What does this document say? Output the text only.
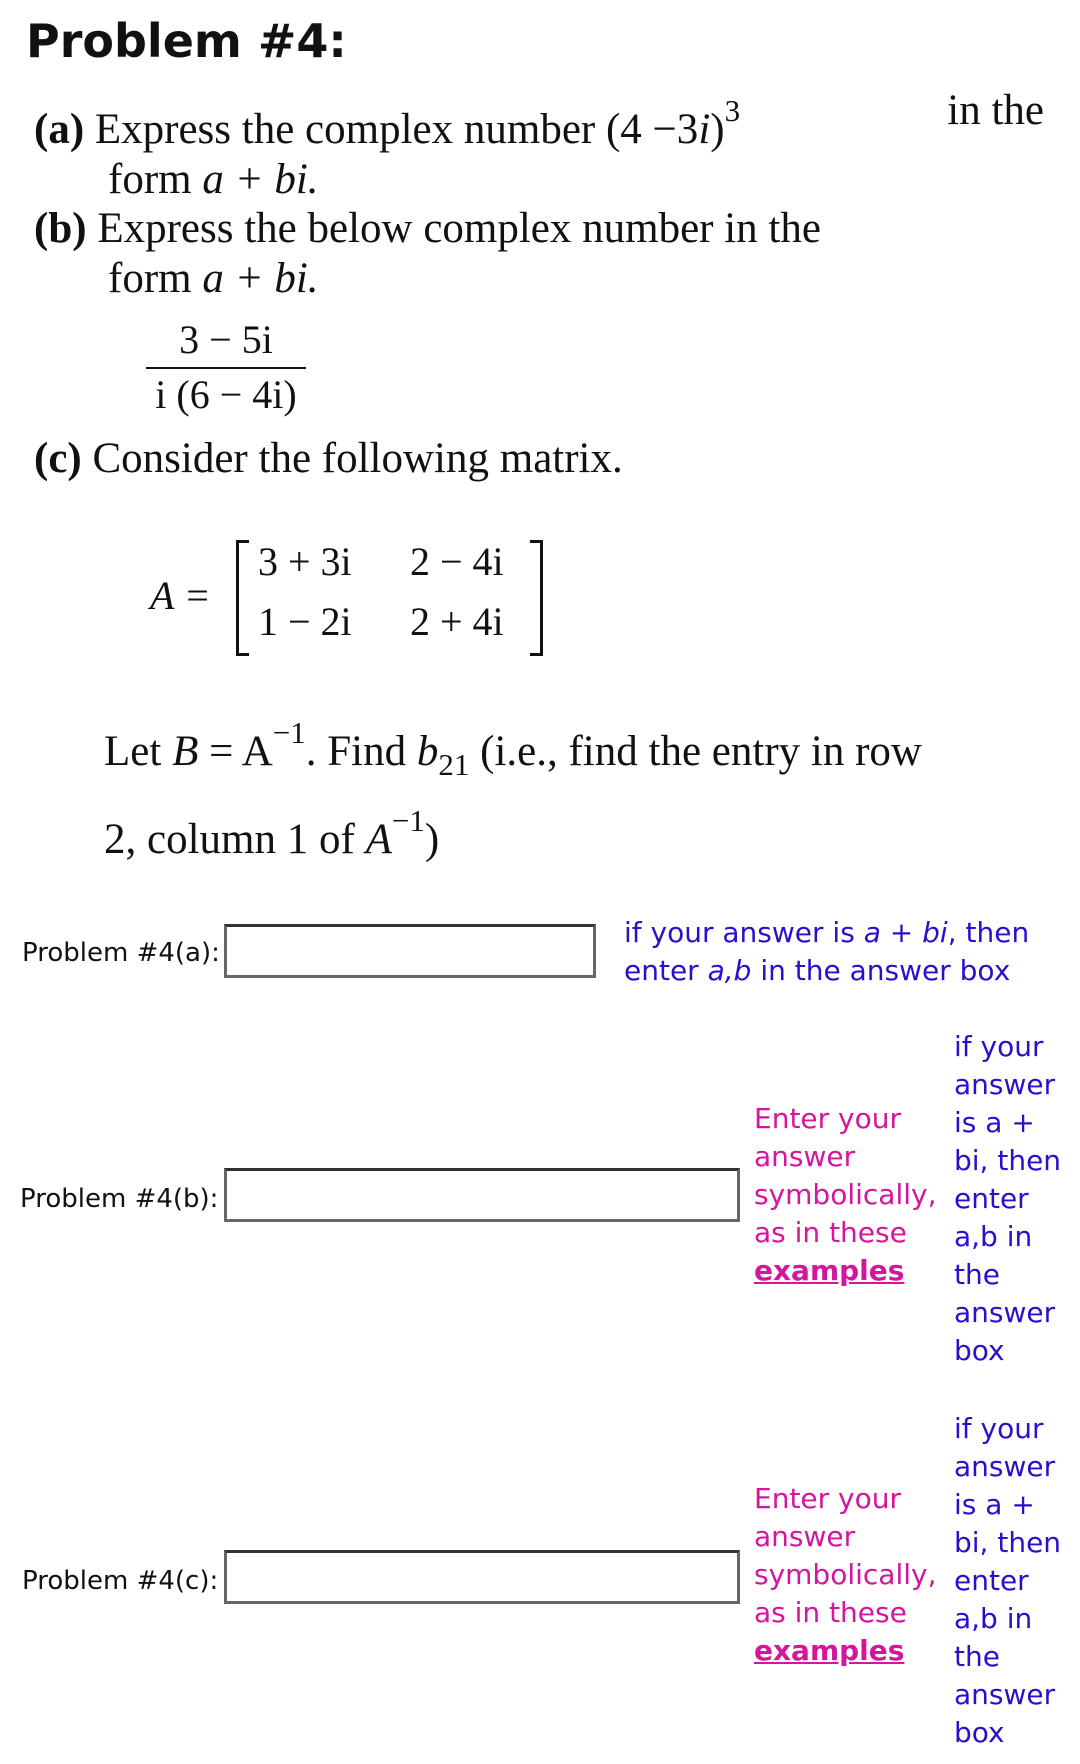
Problem #4:
(a) Express the complex number $(4 -3i)^3$	in the
form a + bi.
(b) Express the below complex number in the
form a + bi.
$\frac{3 - 5i}{i (6 - 4i)}$
(c) Consider the following matrix.
A =
3 + 3i 2 − 4i
1 − 2i 2 + 4i
Let $B = A^{-1}$. Find $b_{21}$ (i.e., find the entry in row
2, column 1 of $A^{-1}$)
Problem #4(a):
if your answer is a + bi, then
enter a,b in the answer box
Problem #4(b):
Enter your
answer
symbolically,
as in these
examples
if your
answer
is a +
bi, then
enter
a,b in
the
answer
box
Problem #4(c):
Enter your
answer
symbolically,
as in these
examples
if your
answer
is a +
bi, then
enter
a,b in
the
answer
box
